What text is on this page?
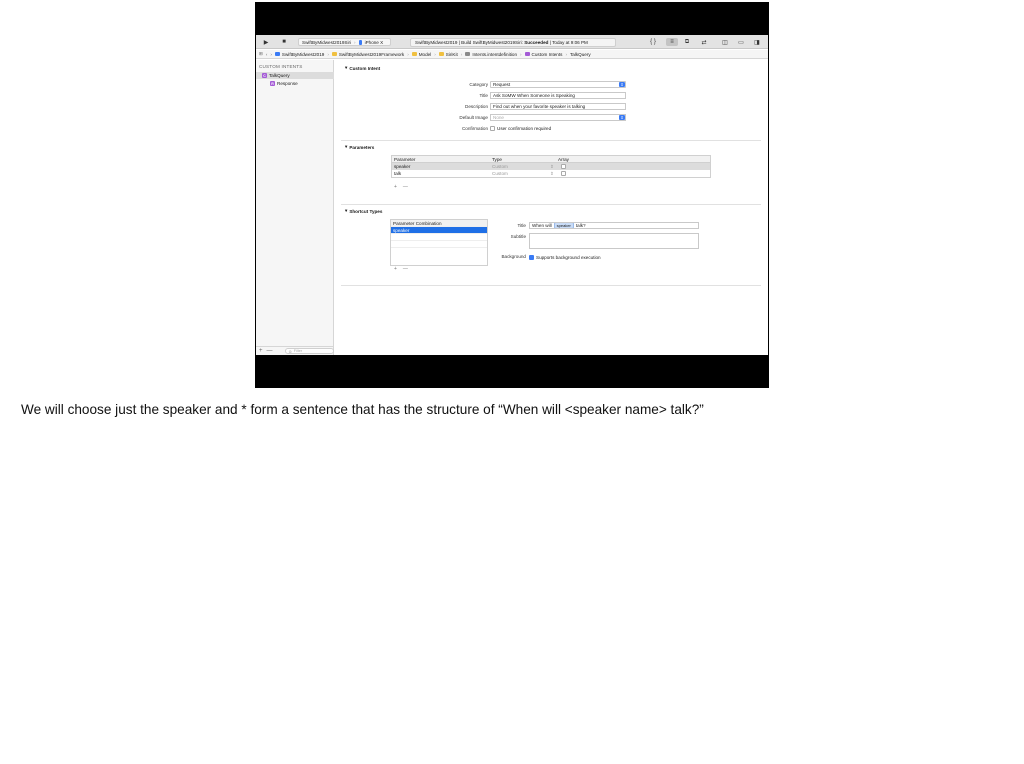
▶	■	SwiftByMidwest2019Siri › iPhone X	SwiftByMidwest2019 | Build SwiftByMidwest2019Siri:
Succeeded
| Today at 9:06 PM	{ }	≡	⧉	⇄	◫	▭	◨
⊞ ‹ › SwiftByMidwest2019 › SwiftByMidwest2019Framework › Model › SiriKit › Intents.intentdefinition › Custom Intents › TalkQuery
CUSTOM INTENTS
C TalkQuery
R Response
+ —	⊜ Filter
▾ Custom Intent
Category Request	⇕
Title Ask SoMW When Someone is Speaking
Description Find out when your favorite speaker is talking
Default Image None	⇕
Confirmation User confirmation required
▾ Parameters
Parameter	Type	Array
speaker	Custom	⇕
talk	Custom	⇕
+ —
▾ Shortcut Types
Parameter Combination
speaker
+ —
Title When will	speaker	talk?
Subtitle
Background Supports background execution
We will choose just the speaker and * form a sentence that has the structure of “When will <speaker name> talk?”
